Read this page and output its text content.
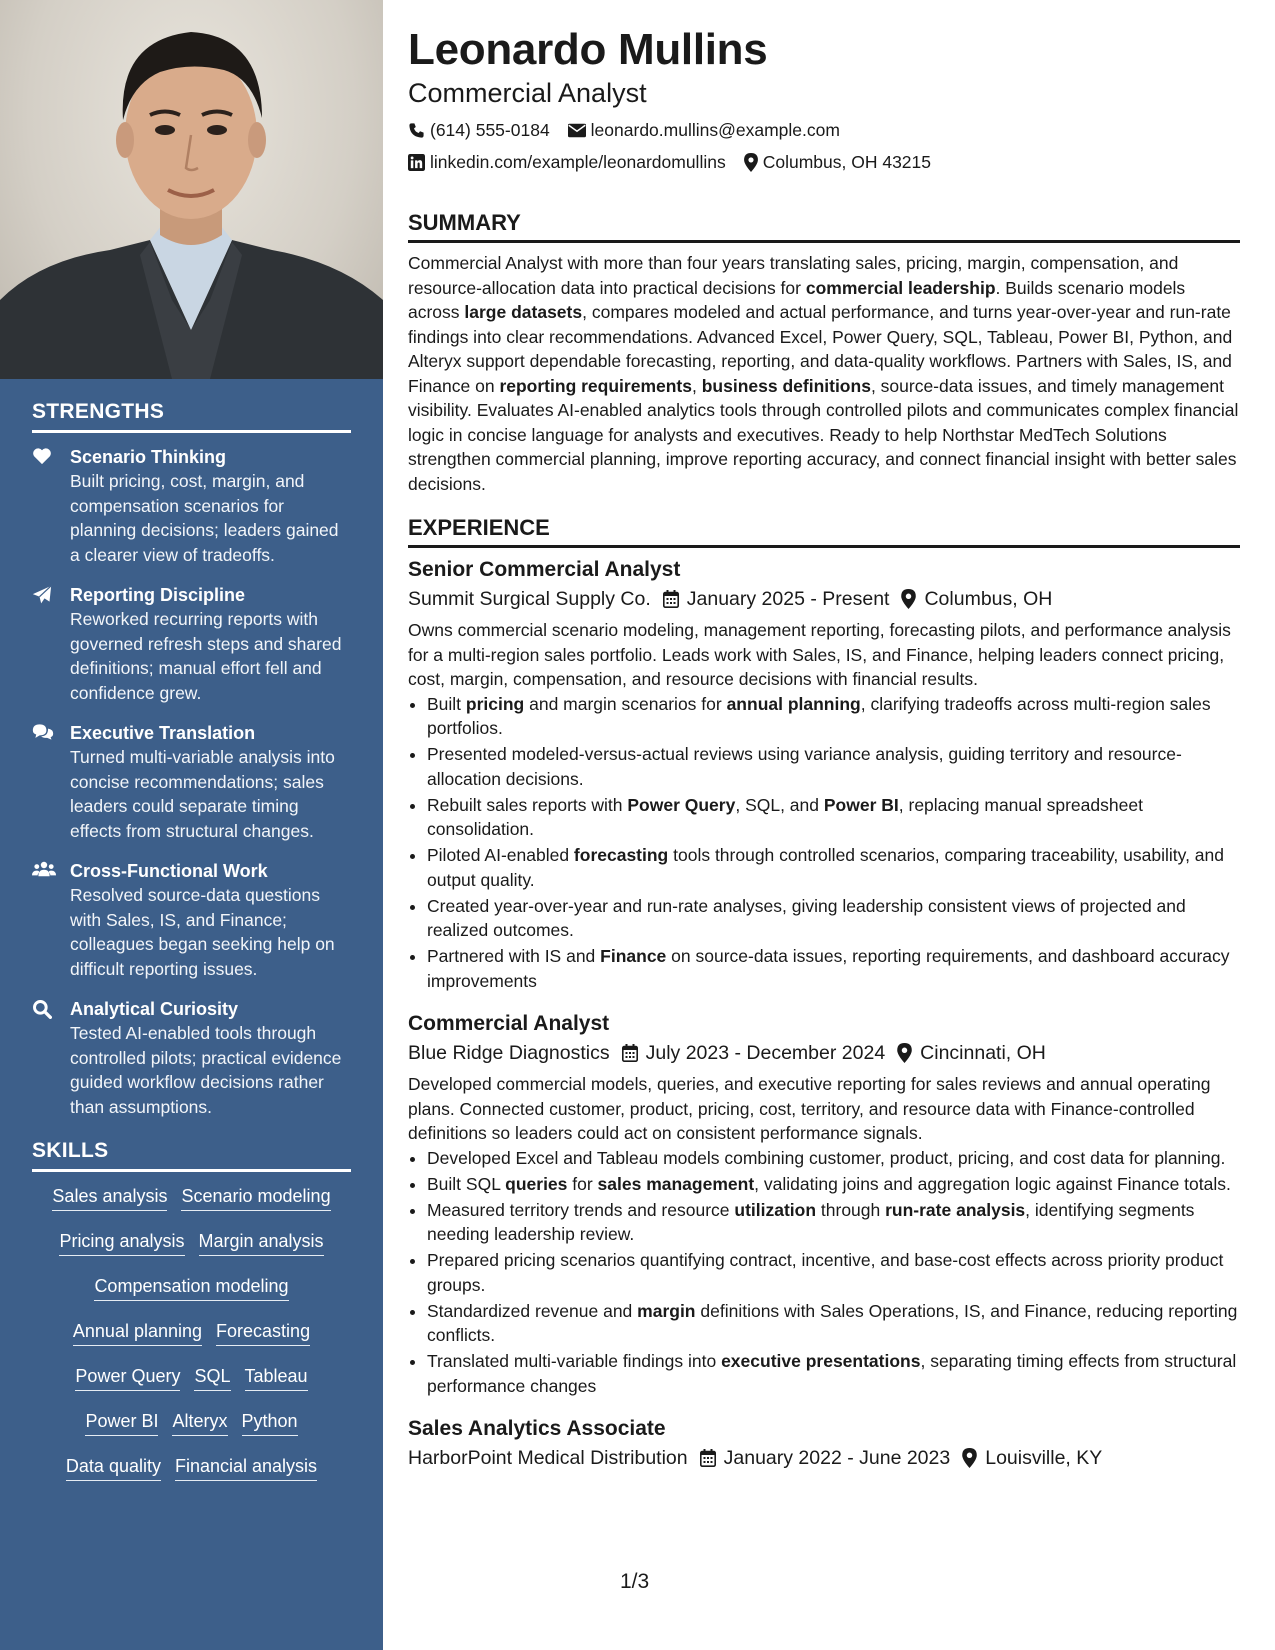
STRENGTHS
Scenario Thinking
Built pricing, cost, margin, and compensation scenarios for planning decisions; leaders gained a clearer view of tradeoffs.
Reporting Discipline
Reworked recurring reports with governed refresh steps and shared definitions; manual effort fell and confidence grew.
Executive Translation
Turned multi-variable analysis into concise recommendations; sales leaders could separate timing effects from structural changes.
Cross-Functional Work
Resolved source-data questions with Sales, IS, and Finance; colleagues began seeking help on difficult reporting issues.
Analytical Curiosity
Tested AI-enabled tools through controlled pilots; practical evidence guided workflow decisions rather than assumptions.
SKILLS
Sales analysis Scenario modeling
Pricing analysis Margin analysis
Compensation modeling
Annual planning Forecasting
Power Query SQL Tableau
Power BI Alteryx Python
Data quality Financial analysis
Leonardo Mullins
Commercial Analyst
(614) 555-0184 leonardo.mullins@example.com
linkedin.com/example/leonardomullins Columbus, OH 43215
SUMMARY

Commercial Analyst with more than four years translating sales, pricing, margin, compensation, and resource-allocation data into practical decisions for commercial leadership. Builds scenario models across large datasets, compares modeled and actual performance, and turns year-over-year and run-rate findings into clear recommendations. Advanced Excel, Power Query, SQL, Tableau, Power BI, Python, and Alteryx support dependable forecasting, reporting, and data-quality workflows. Partners with Sales, IS, and Finance on reporting requirements, business definitions, source-data issues, and timely management visibility. Evaluates AI-enabled analytics tools through controlled pilots and communicates complex financial logic in concise language for analysts and executives. Ready to help Northstar MedTech Solutions strengthen commercial planning, improve reporting accuracy, and connect financial insight with better sales decisions.

EXPERIENCE
Senior Commercial Analyst
Summit Surgical Supply Co.	January 2025 - Present	Columbus, OH

Owns commercial scenario modeling, management reporting, forecasting pilots, and performance analysis for a multi-region sales portfolio. Leads work with Sales, IS, and Finance, helping leaders connect pricing, cost, margin, compensation, and resource decisions with financial results.

• Built pricing and margin scenarios for annual planning, clarifying tradeoffs across multi-region sales portfolios.
• Presented modeled-versus-actual reviews using variance analysis, guiding territory and resource-allocation decisions.
• Rebuilt sales reports with Power Query, SQL, and Power BI, replacing manual spreadsheet consolidation.
• Piloted AI-enabled forecasting tools through controlled scenarios, comparing traceability, usability, and output quality.
• Created year-over-year and run-rate analyses, giving leadership consistent views of projected and realized outcomes.
• Partnered with IS and Finance on source-data issues, reporting requirements, and dashboard accuracy improvements
Commercial Analyst
Blue Ridge Diagnostics	July 2023 - December 2024	Cincinnati, OH

Developed commercial models, queries, and executive reporting for sales reviews and annual operating plans. Connected customer, product, pricing, cost, territory, and resource data with Finance-controlled definitions so leaders could act on consistent performance signals.

• Developed Excel and Tableau models combining customer, product, pricing, and cost data for planning.
• Built SQL queries for sales management, validating joins and aggregation logic against Finance totals.
• Measured territory trends and resource utilization through run-rate analysis, identifying segments needing leadership review.
• Prepared pricing scenarios quantifying contract, incentive, and base-cost effects across priority product groups.
• Standardized revenue and margin definitions with Sales Operations, IS, and Finance, reducing reporting conflicts.
• Translated multi-variable findings into executive presentations, separating timing effects from structural performance changes
Sales Analytics Associate
HarborPoint Medical Distribution	January 2022 - June 2023	Louisville, KY
1/3
